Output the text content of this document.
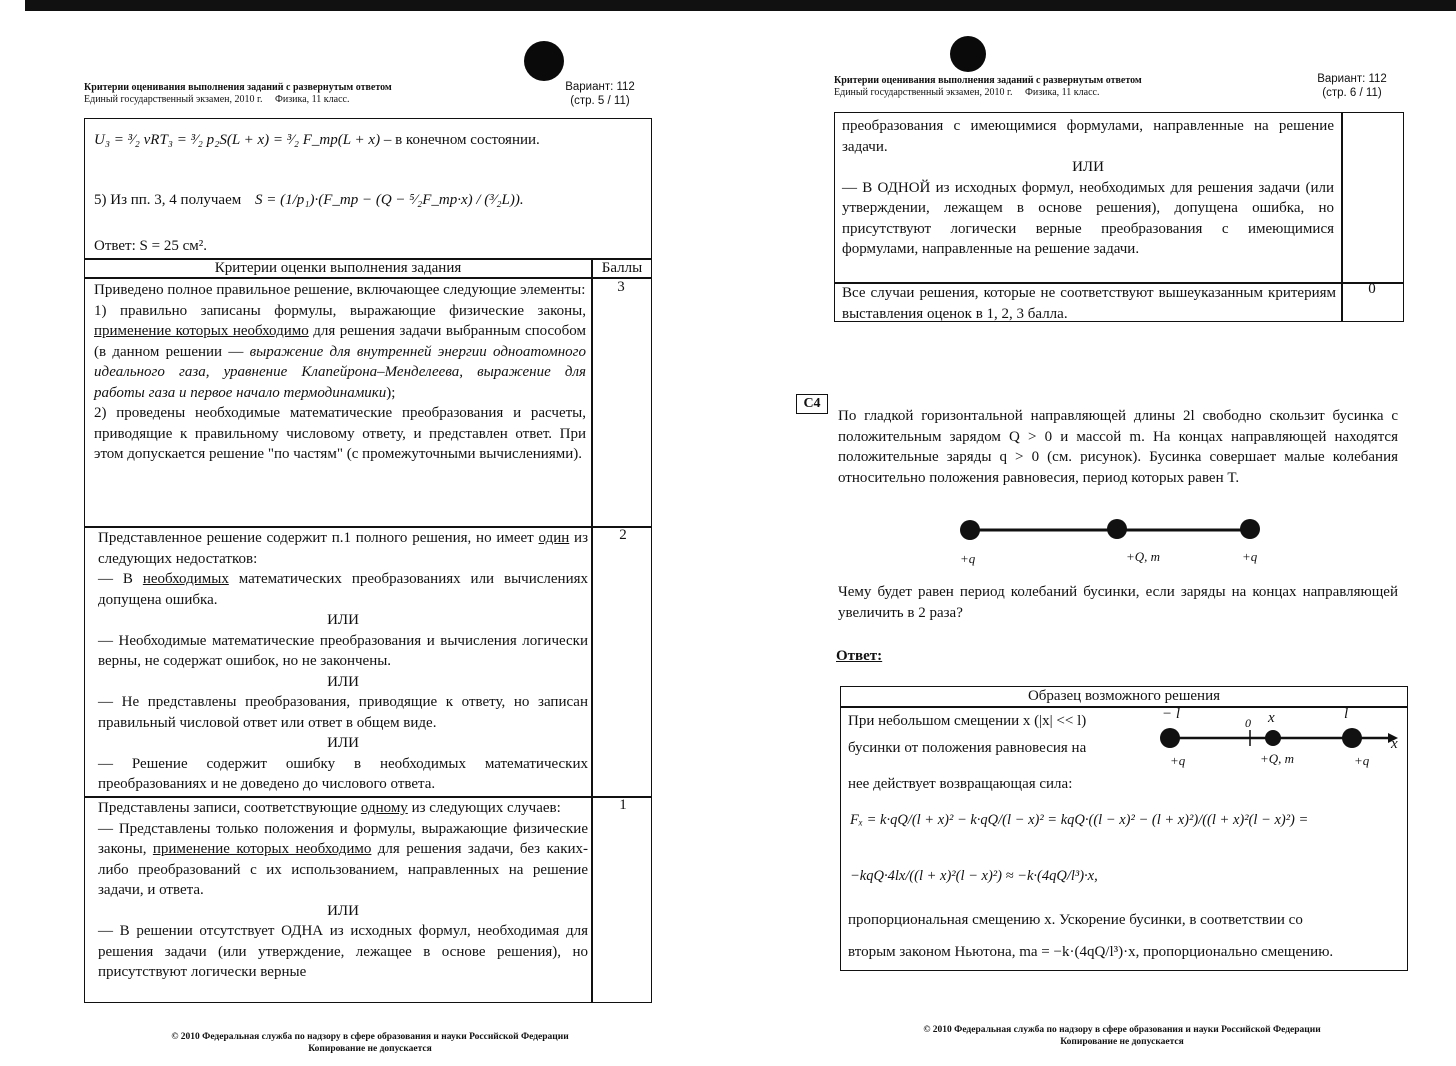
Критерии оценивания выполнения заданий с развернутым ответом
Единый государственный экзамен, 2010 г.     Физика, 11 класс.
Вариант: 112
(стр. 5 / 11)
U₃ = ³⁄₂ νRT₃ = ³⁄₂ p₂S(L + x) = ³⁄₂ F_тр(L + x) – в конечном состоянии.
5) Из пп. 3, 4 получаем S = (1/p₁)·(F_тр − (Q − ⁵⁄₂F_тр·x) / (³⁄₂L)).
Ответ: S = 25 см².
Критерии оценки выполнения задания	Баллы
Приведено полное правильное решение, включающее следующие элементы:
1) правильно записаны формулы, выражающие физические законы, применение которых необходимо для решения задачи выбранным способом (в данном решении — выражение для внутренней энергии одноатомного идеального газа, уравнение Клапейрона–Менделеева, выражение для работы газа и первое начало термодинамики);
2) проведены необходимые математические преобразования и расчеты, приводящие к правильному числовому ответу, и представлен ответ. При этом допускается решение "по частям" (с промежуточными вычислениями).
3
Представленное решение содержит п.1 полного решения, но имеет один из следующих недостатков:
— В необходимых математических преобразованиях или вычислениях допущена ошибка.
ИЛИ
— Необходимые математические преобразования и вычисления логически верны, не содержат ошибок, но не закончены.
ИЛИ
— Не представлены преобразования, приводящие к ответу, но записан правильный числовой ответ или ответ в общем виде.
ИЛИ
— Решение содержит ошибку в необходимых математических преобразованиях и не доведено до числового ответа.
2
Представлены записи, соответствующие одному из следующих случаев:
— Представлены только положения и формулы, выражающие физические законы, применение которых необходимо для решения задачи, без каких-либо преобразований с их использованием, направленных на решение задачи, и ответа.
ИЛИ
— В решении отсутствует ОДНА из исходных формул, необходимая для решения задачи (или утверждение, лежащее в основе решения), но присутствуют логически верные
1
© 2010 Федеральная служба по надзору в сфере образования и науки Российской Федерации
Копирование не допускается
Критерии оценивания выполнения заданий с развернутым ответом
Единый государственный экзамен, 2010 г.     Физика, 11 класс.
Вариант: 112
(стр. 6 / 11)
преобразования с имеющимися формулами, направленные на решение задачи.
ИЛИ
— В ОДНОЙ из исходных формул, необходимых для решения задачи (или утверждении, лежащем в основе решения), допущена ошибка, но присутствуют логически верные преобразования с имеющимися формулами, направленные на решение задачи.
Все случаи решения, которые не соответствуют вышеуказанным критериям выставления оценок в 1, 2, 3 балла.
0
C4
По гладкой горизонтальной направляющей длины 2l свободно скользит бусинка с положительным зарядом Q > 0 и массой m. На концах направляющей находятся положительные заряды q > 0 (см. рисунок). Бусинка совершает малые колебания относительно положения равновесия, период которых равен T.
+q	+Q, m	+q
Чему будет равен период колебаний бусинки, если заряды на концах направляющей увеличить в 2 раза?
Ответ:
Образец возможного решения
При небольшом смещении x (|x| << l)
бусинки от положения равновесия на
нее действует возвращающая сила:
− l
0 x	l
x
+q	+Q, m	+q
Fₓ = k·qQ/(l + x)² − k·qQ/(l − x)² = kqQ·((l − x)² − (l + x)²)/((l + x)²(l − x)²) =
−kqQ·4lx/((l + x)²(l − x)²) ≈ −k·(4qQ/l³)·x,
пропорциональная смещению x. Ускорение бусинки, в соответствии со
вторым законом Ньютона, ma = −k·(4qQ/l³)·x, пропорционально смещению.
© 2010 Федеральная служба по надзору в сфере образования и науки Российской Федерации
Копирование не допускается
